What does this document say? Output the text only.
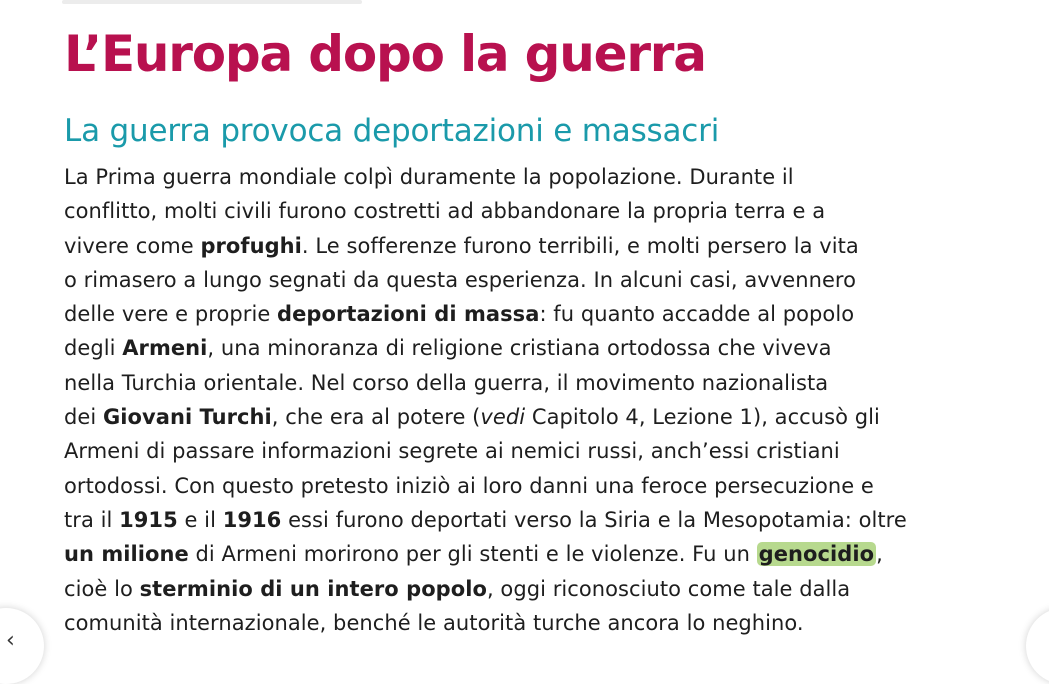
L’Europa dopo la guerra
La guerra provoca deportazioni e massacri
La Prima guerra mondiale colpì duramente la popolazione. Durante il
conflitto, molti civili furono costretti ad abbandonare la propria terra e a
vivere come profughi. Le sofferenze furono terribili, e molti persero la vita
o rimasero a lungo segnati da questa esperienza. In alcuni casi, avvennero
delle vere e proprie deportazioni di massa: fu quanto accadde al popolo
degli Armeni, una minoranza di religione cristiana ortodossa che viveva
nella Turchia orientale. Nel corso della guerra, il movimento nazionalista
dei Giovani Turchi, che era al potere (vedi Capitolo 4, Lezione 1), accusò gli
Armeni di passare informazioni segrete ai nemici russi, anch’essi cristiani
ortodossi. Con questo pretesto iniziò ai loro danni una feroce persecuzione e
tra il 1915 e il 1916 essi furono deportati verso la Siria e la Mesopotamia: oltre
un milione di Armeni morirono per gli stenti e le violenze. Fu un genocidio,
cioè lo sterminio di un intero popolo, oggi riconosciuto come tale dalla
comunità internazionale, benché le autorità turche ancora lo neghino.
‹
